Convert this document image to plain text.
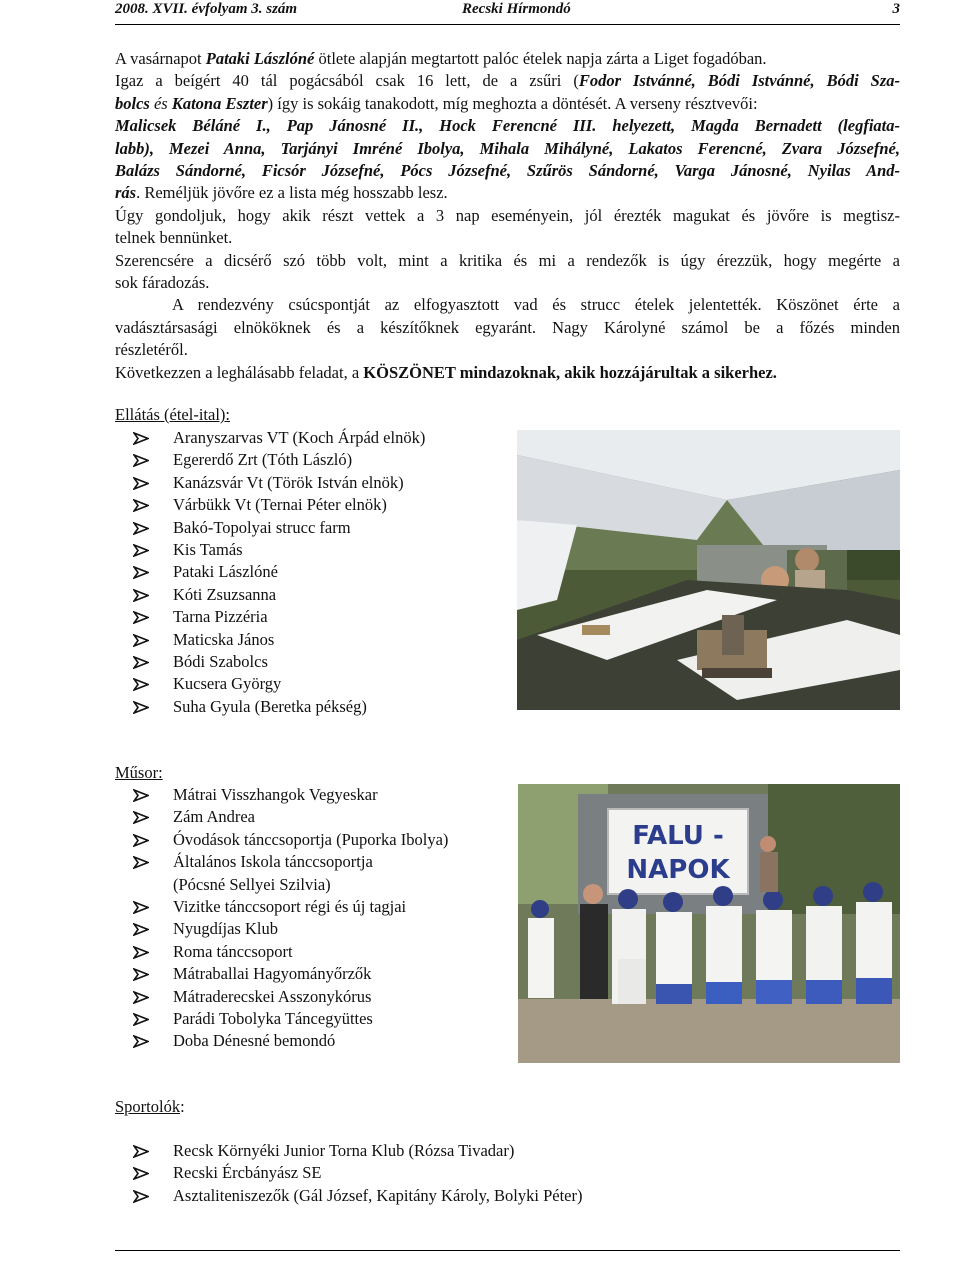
2008. XVII. évfolyam 3. szám	Recski Hírmondó	3
A vasárnapot Pataki Lászlóné ötlete alapján megtartott palóc ételek napja zárta a Liget fogadóban.
Igaz a beígért 40 tál pogácsából csak 16 lett, de a zsűri (Fodor Istvánné, Bódi Istvánné, Bódi Sza-
bolcs és Katona Eszter) így is sokáig tanakodott, míg meghozta a döntését. A verseny résztvevői:
Malicsek Béláné I., Pap Jánosné II., Hock Ferencné III. helyezett, Magda Bernadett (legfiata-
labb), Mezei Anna, Tarjányi Imréné Ibolya, Mihala Mihályné, Lakatos Ferencné, Zvara Józsefné,
Balázs Sándorné, Ficsór Józsefné, Pócs Józsefné, Szűrös Sándorné, Varga Jánosné, Nyilas And-
rás. Reméljük jövőre ez a lista még hosszabb lesz.
Úgy gondoljuk, hogy akik részt vettek a 3 nap eseményein, jól érezték magukat és jövőre is megtisz-
telnek bennünket.
Szerencsére a dicsérő szó több volt, mint a kritika és mi a rendezők is úgy érezzük, hogy megérte a
sok fáradozás.
A rendezvény csúcspontját az elfogyasztott vad és strucc ételek jelentették. Köszönet érte a
vadásztársasági elnököknek és a készítőknek egyaránt. Nagy Károlyné számol be a főzés minden
részletéről.
Következzen a leghálásabb feladat, a KÖSZÖNET mindazoknak, akik hozzájárultak a sikerhez.
Ellátás (étel-ital):
Aranyszarvas VT (Koch Árpád elnök)
Egererdő Zrt (Tóth László)
Kanázsvár Vt (Török István elnök)
Várbükk Vt (Ternai Péter elnök)
Bakó-Topolyai strucc farm
Kis Tamás
Pataki Lászlóné
Kóti Zsuzsanna
Tarna Pizzéria
Maticska János
Bódi Szabolcs
Kucsera György
Suha Gyula (Beretka pékség)
Műsor:
Mátrai Visszhangok Vegyeskar
Zám Andrea
Óvodások tánccsoportja (Puporka Ibolya)
Általános Iskola tánccsoportja
(Pócsné Sellyei Szilvia)
Vizitke tánccsoport régi és új tagjai
Nyugdíjas Klub
Roma tánccsoport
Mátraballai Hagyományőrzők
Mátraderecskei Asszonykórus
Parádi Tobolyka Táncegyüttes
Doba Dénesné bemondó
FALU -
NAPOK
Sportolók:
Recsk Környéki Junior Torna Klub (Rózsa Tivadar)
Recski Ércbányász SE
Asztaliteniszezők (Gál József, Kapitány Károly, Bolyki Péter)
